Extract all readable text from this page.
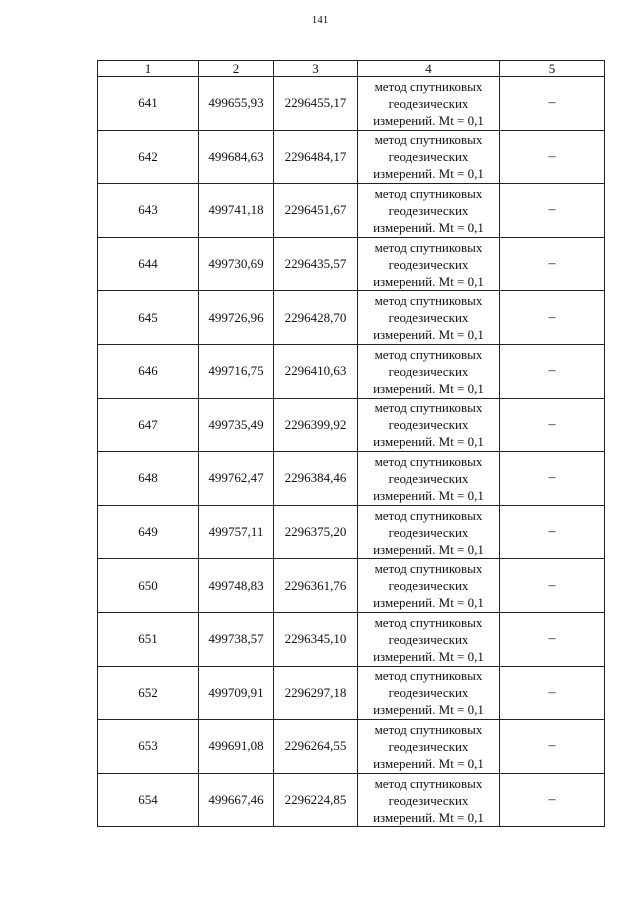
141
1	2	3	4	5
641	499655,93	2296455,17	метод спутниковых
геодезических
измерений. Mt = 0,1	–
642	499684,63	2296484,17	метод спутниковых
геодезических
измерений. Mt = 0,1	–
643	499741,18	2296451,67	метод спутниковых
геодезических
измерений. Mt = 0,1	–
644	499730,69	2296435,57	метод спутниковых
геодезических
измерений. Mt = 0,1	–
645	499726,96	2296428,70	метод спутниковых
геодезических
измерений. Mt = 0,1	–
646	499716,75	2296410,63	метод спутниковых
геодезических
измерений. Mt = 0,1	–
647	499735,49	2296399,92	метод спутниковых
геодезических
измерений. Mt = 0,1	–
648	499762,47	2296384,46	метод спутниковых
геодезических
измерений. Mt = 0,1	–
649	499757,11	2296375,20	метод спутниковых
геодезических
измерений. Mt = 0,1	–
650	499748,83	2296361,76	метод спутниковых
геодезических
измерений. Mt = 0,1	–
651	499738,57	2296345,10	метод спутниковых
геодезических
измерений. Mt = 0,1	–
652	499709,91	2296297,18	метод спутниковых
геодезических
измерений. Mt = 0,1	–
653	499691,08	2296264,55	метод спутниковых
геодезических
измерений. Mt = 0,1	–
654	499667,46	2296224,85	метод спутниковых
геодезических
измерений. Mt = 0,1	–
